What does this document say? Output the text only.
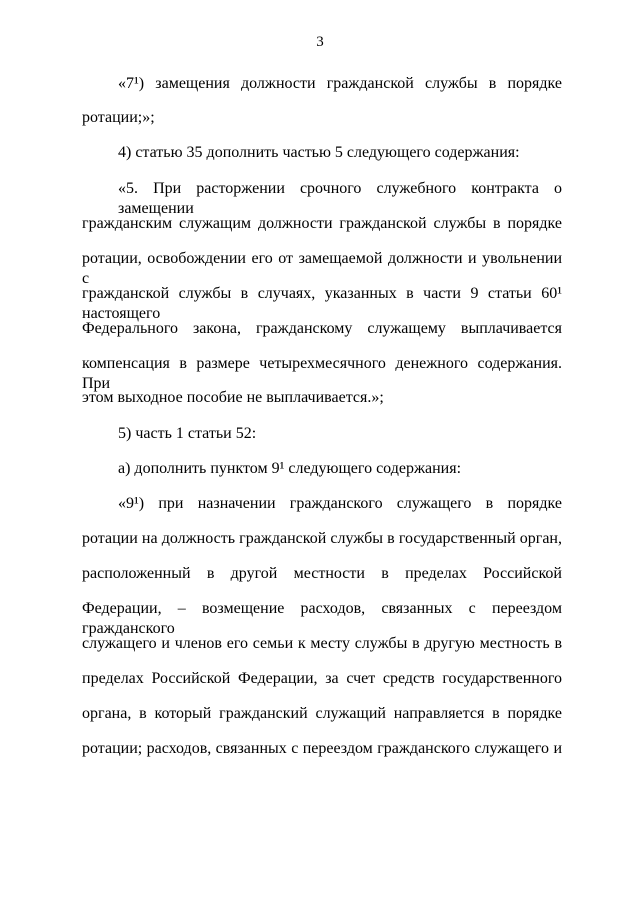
3
«7¹) замещения должности гражданской службы в порядке
ротации;»;
4) статью 35 дополнить частью 5 следующего содержания:
«5. При расторжении срочного служебного контракта о замещении
гражданским служащим должности гражданской службы в порядке
ротации, освобождении его от замещаемой должности и увольнении с
гражданской службы в случаях, указанных в части 9 статьи 60¹ настоящего
Федерального закона, гражданскому служащему выплачивается
компенсация в размере четырехмесячного денежного содержания. При
этом выходное пособие не выплачивается.»;
5) часть 1 статьи 52:
а) дополнить пунктом 9¹ следующего содержания:
«9¹) при назначении гражданского служащего в порядке
ротации на должность гражданской службы в государственный орган,
расположенный в другой местности в пределах Российской
Федерации, – возмещение расходов, связанных с переездом гражданского
служащего и членов его семьи к месту службы в другую местность в
пределах Российской Федерации, за счет средств государственного
органа, в который гражданский служащий направляется в порядке
ротации; расходов, связанных с переездом гражданского служащего и
